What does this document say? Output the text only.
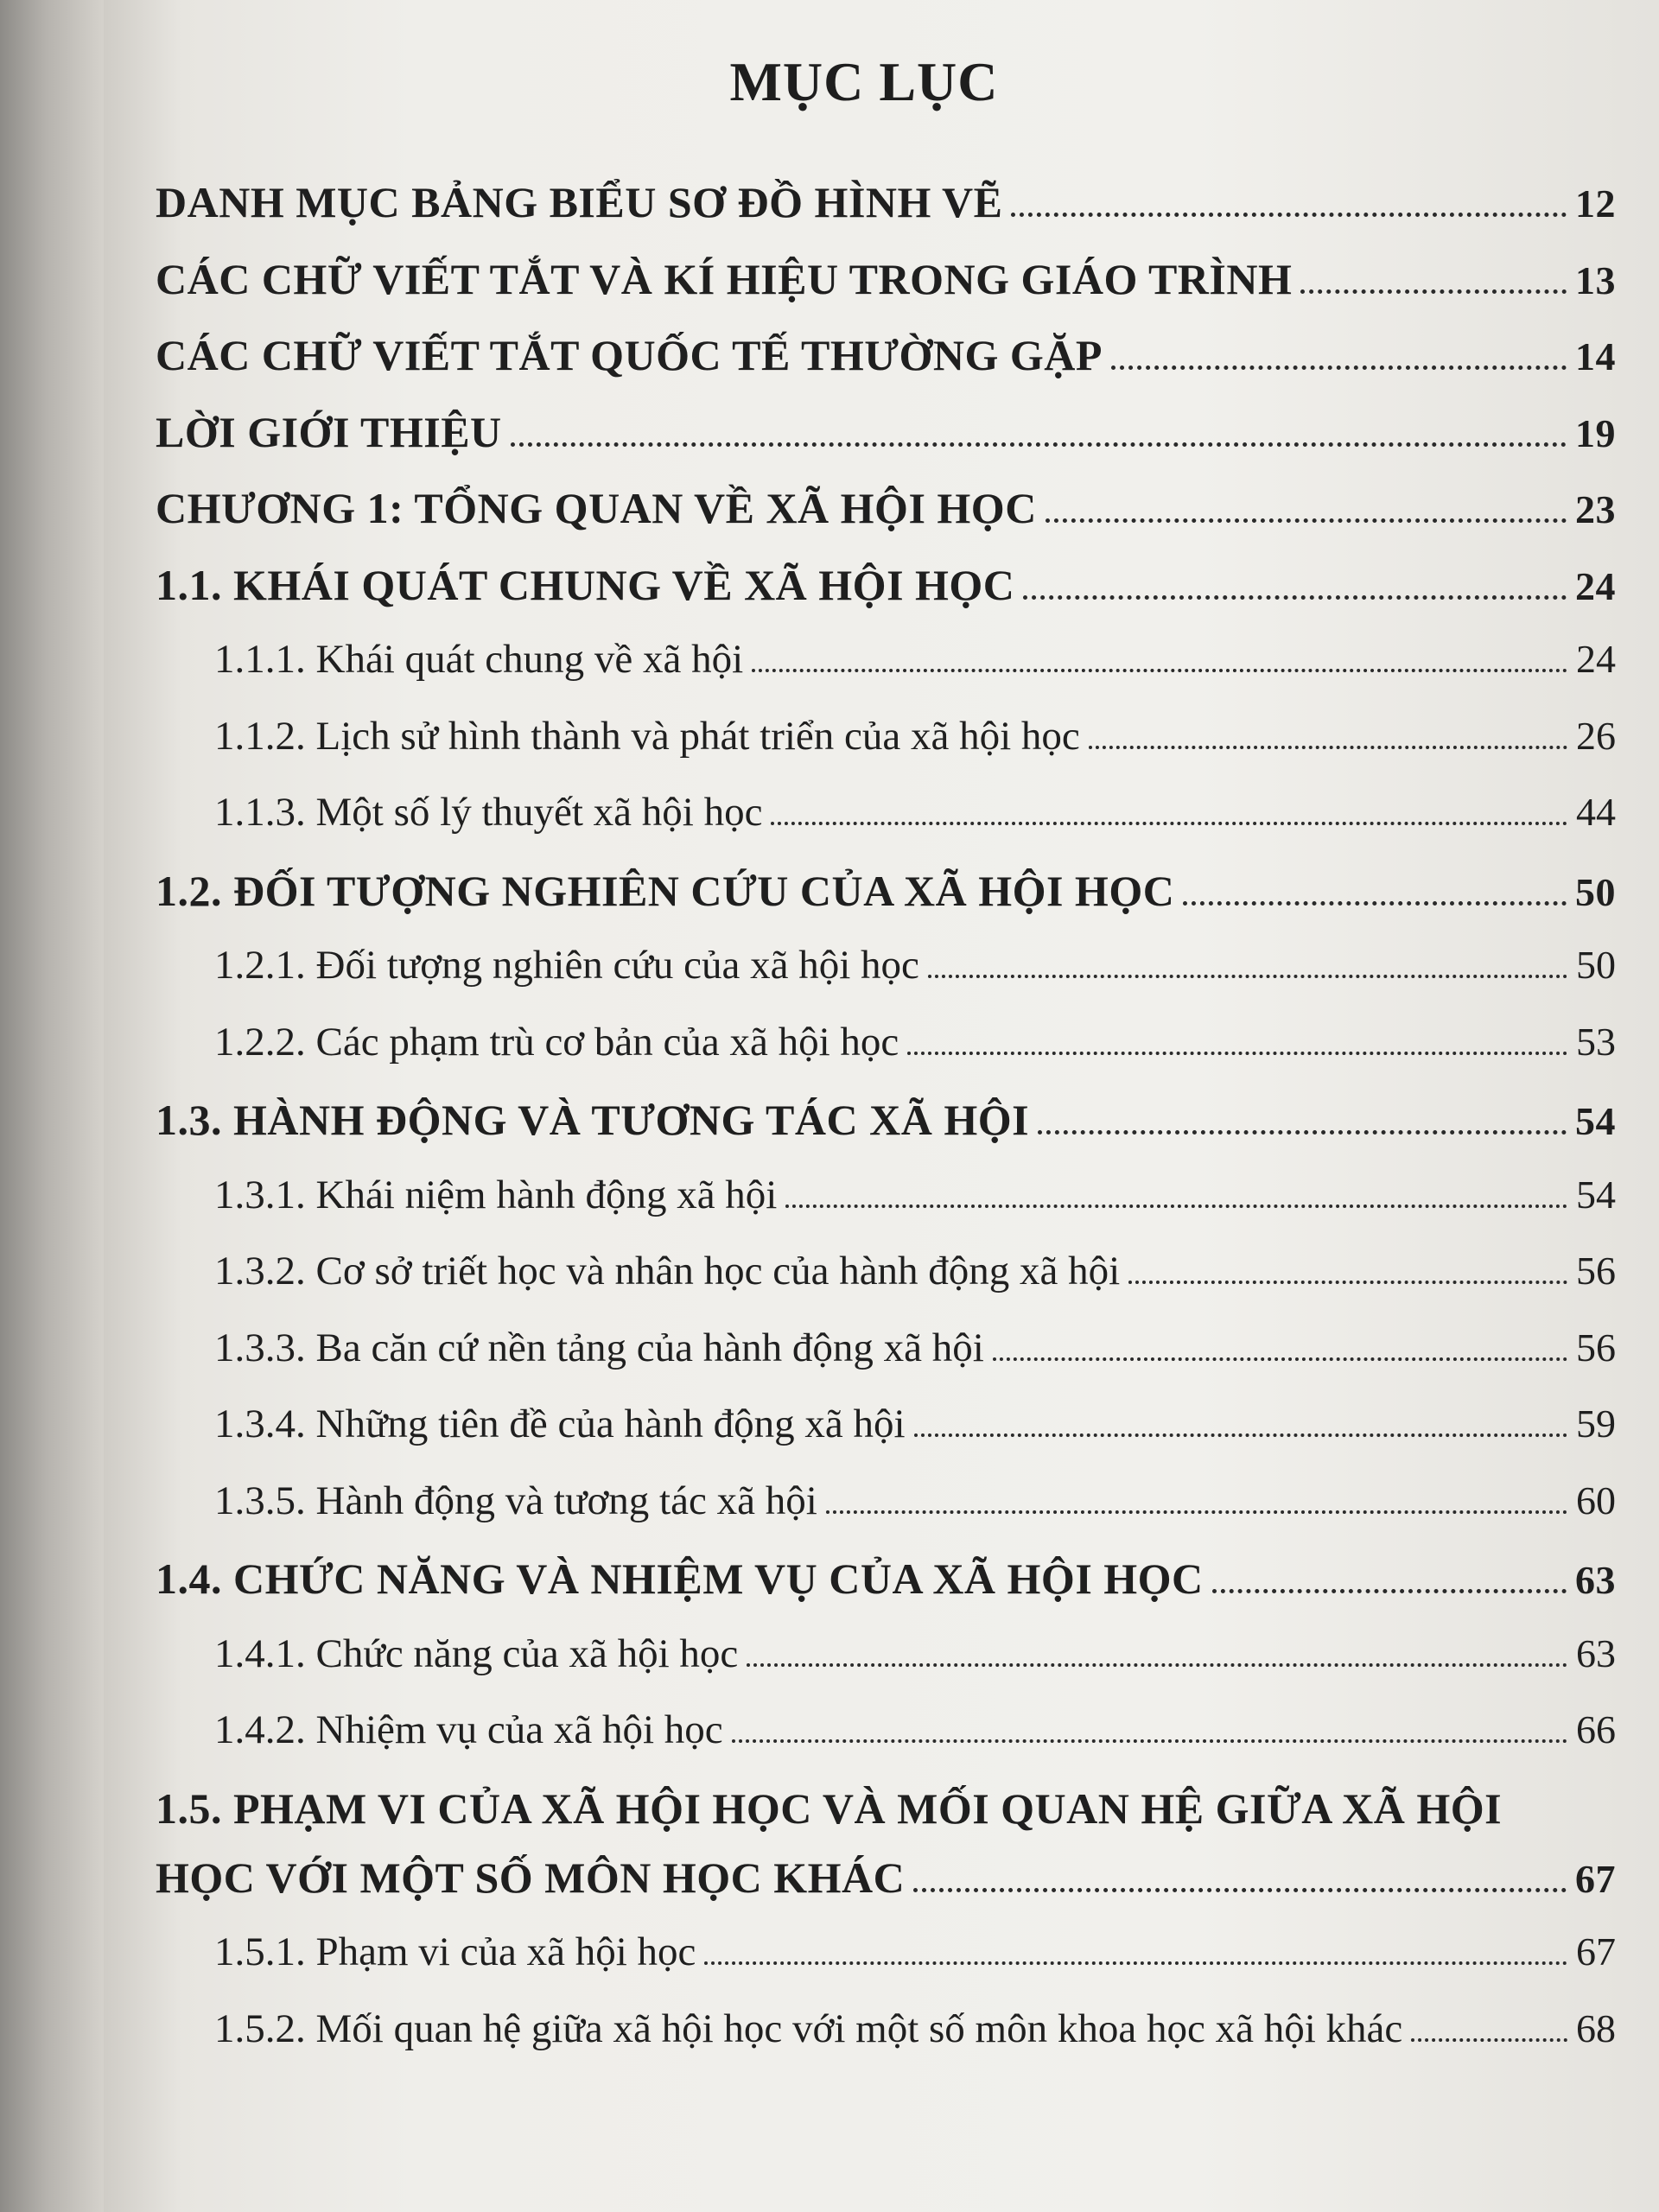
MỤC LỤC
DANH MỤC BẢNG BIỂU SƠ ĐỒ HÌNH VẼ	12
CÁC CHỮ VIẾT TẮT VÀ KÍ HIỆU TRONG GIÁO TRÌNH	13
CÁC CHỮ VIẾT TẮT QUỐC TẾ THƯỜNG GẶP	14
LỜI GIỚI THIỆU	19
CHƯƠNG 1: TỔNG QUAN VỀ XÃ HỘI HỌC	23
1.1. KHÁI QUÁT CHUNG VỀ XÃ HỘI HỌC	24
1.1.1. Khái quát chung về xã hội	24
1.1.2. Lịch sử hình thành và phát triển của xã hội học	26
1.1.3. Một số lý thuyết xã hội học	44
1.2. ĐỐI TƯỢNG NGHIÊN CỨU CỦA XÃ HỘI HỌC	50
1.2.1. Đối tượng nghiên cứu của xã hội học	50
1.2.2. Các phạm trù cơ bản của xã hội học	53
1.3. HÀNH ĐỘNG VÀ TƯƠNG TÁC XÃ HỘI	54
1.3.1. Khái niệm hành động xã hội	54
1.3.2. Cơ sở triết học và nhân học của hành động xã hội	56
1.3.3. Ba căn cứ nền tảng của hành động xã hội	56
1.3.4. Những tiên đề của hành động xã hội	59
1.3.5. Hành động và tương tác xã hội	60
1.4. CHỨC NĂNG VÀ NHIỆM VỤ CỦA XÃ HỘI HỌC	63
1.4.1. Chức năng của xã hội học	63
1.4.2. Nhiệm vụ của xã hội học	66
1.5. PHẠM VI CỦA XÃ HỘI HỌC VÀ MỐI QUAN HỆ GIỮA XÃ HỘI
HỌC VỚI MỘT SỐ MÔN HỌC KHÁC	67
1.5.1. Phạm vi của xã hội học	67
1.5.2. Mối quan hệ giữa xã hội học với một số môn khoa học xã hội khác	68
